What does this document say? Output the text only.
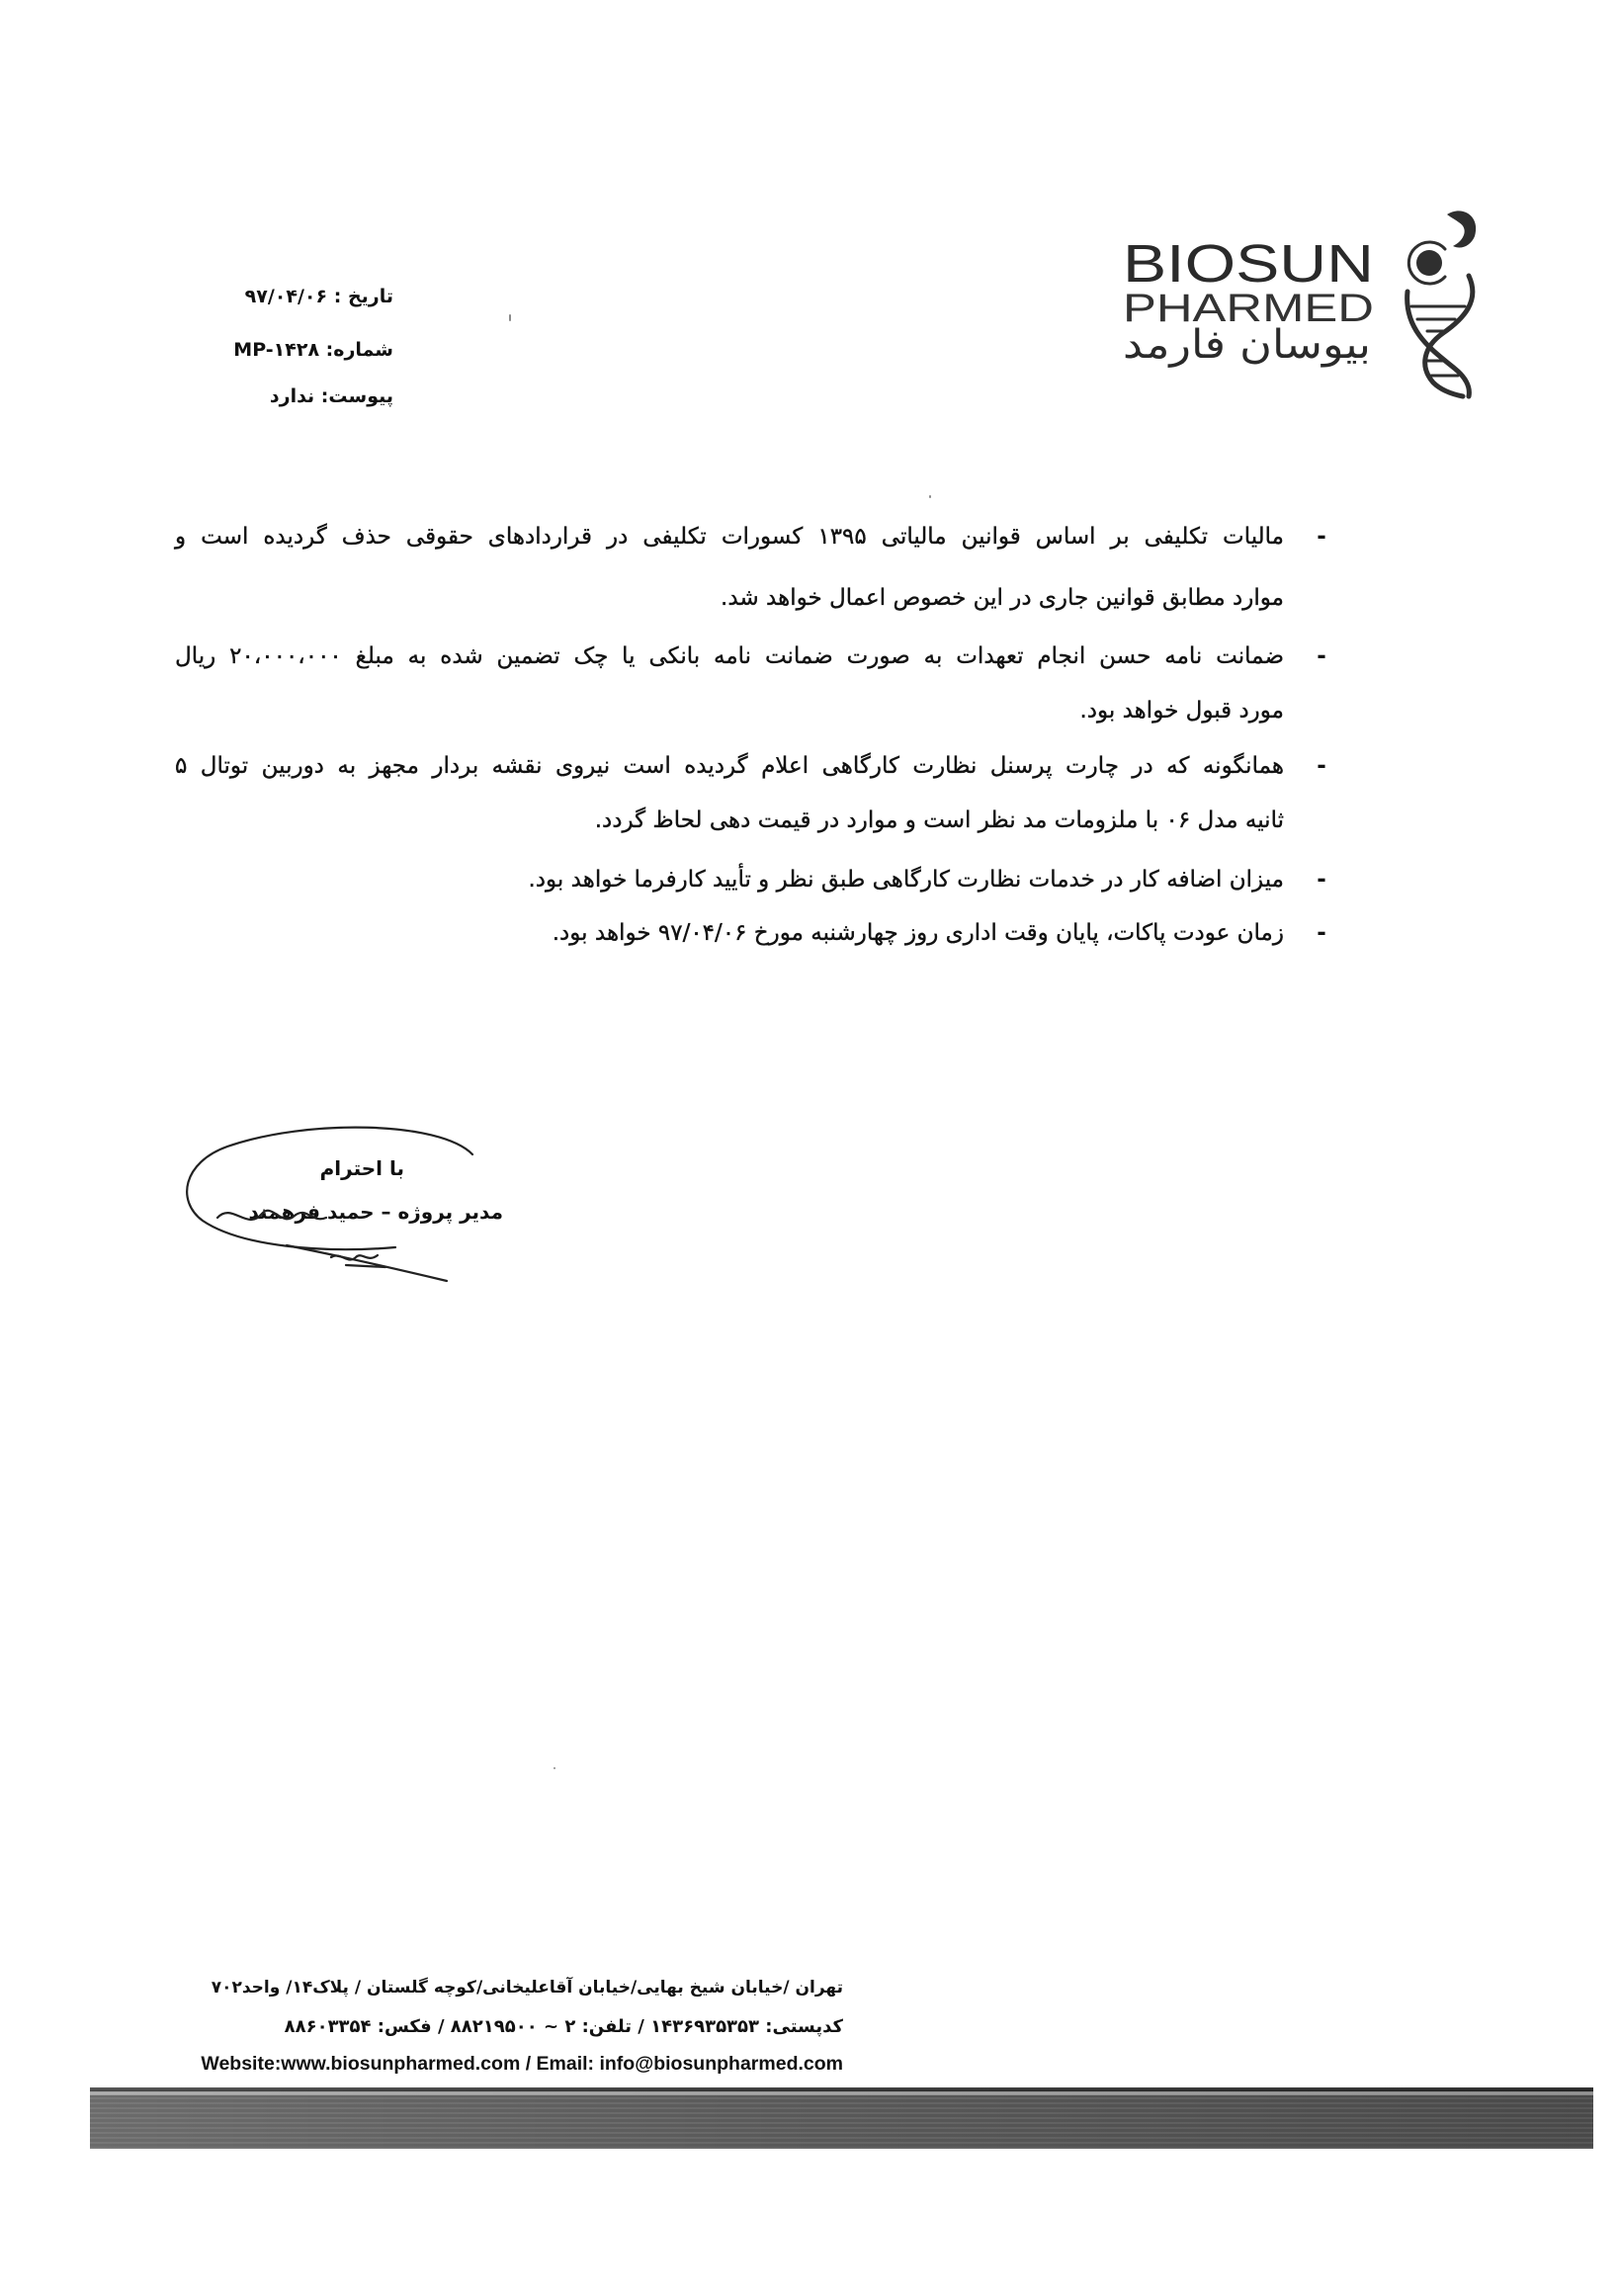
BIOSUN
PHARMED
بیوسان فارمد
تاریخ : ۹۷/۰۴/۰۶
شماره: MP-۱۴۲۸
پیوست: ندارد
-
مالیات تکلیفی بر اساس قوانین مالیاتی ۱۳۹۵ کسورات تکلیفی در قراردادهای حقوقی حذف گردیده است و
موارد مطابق قوانین جاری در این خصوص اعمال خواهد شد.
-
ضمانت نامه حسن انجام تعهدات به صورت ضمانت نامه بانکی یا چک تضمین شده به مبلغ ۲۰،۰۰۰،۰۰۰ ریال
مورد قبول خواهد بود.
-
همانگونه که در چارت پرسنل نظارت کارگاهی اعلام گردیده است نیروی نقشه بردار مجهز به دوربین توتال ۵
ثانیه مدل ۰۶ با ملزومات مد نظر است و موارد در قیمت دهی لحاظ گردد.
-
میزان اضافه کار در خدمات نظارت کارگاهی طبق نظر و تأیید کارفرما خواهد بود.
-
زمان عودت پاکات، پایان وقت اداری روز چهارشنبه مورخ ۹۷/۰۴/۰۶ خواهد بود.
با احترام
مدیر پروژه – حمید فرهمند
تهران /خیابان شیخ بهایی/خیابان آقاعلیخانی/کوچه گلستان / پلاک۱۴/ واحد۷۰۲
کدپستی: ۱۴۳۶۹۳۵۳۵۳ / تلفن: ۲ ~ ۸۸۲۱۹۵۰۰ / فکس: ۸۸۶۰۳۳۵۴
Website:www.biosunpharmed.com / Email: info@biosunpharmed.com
